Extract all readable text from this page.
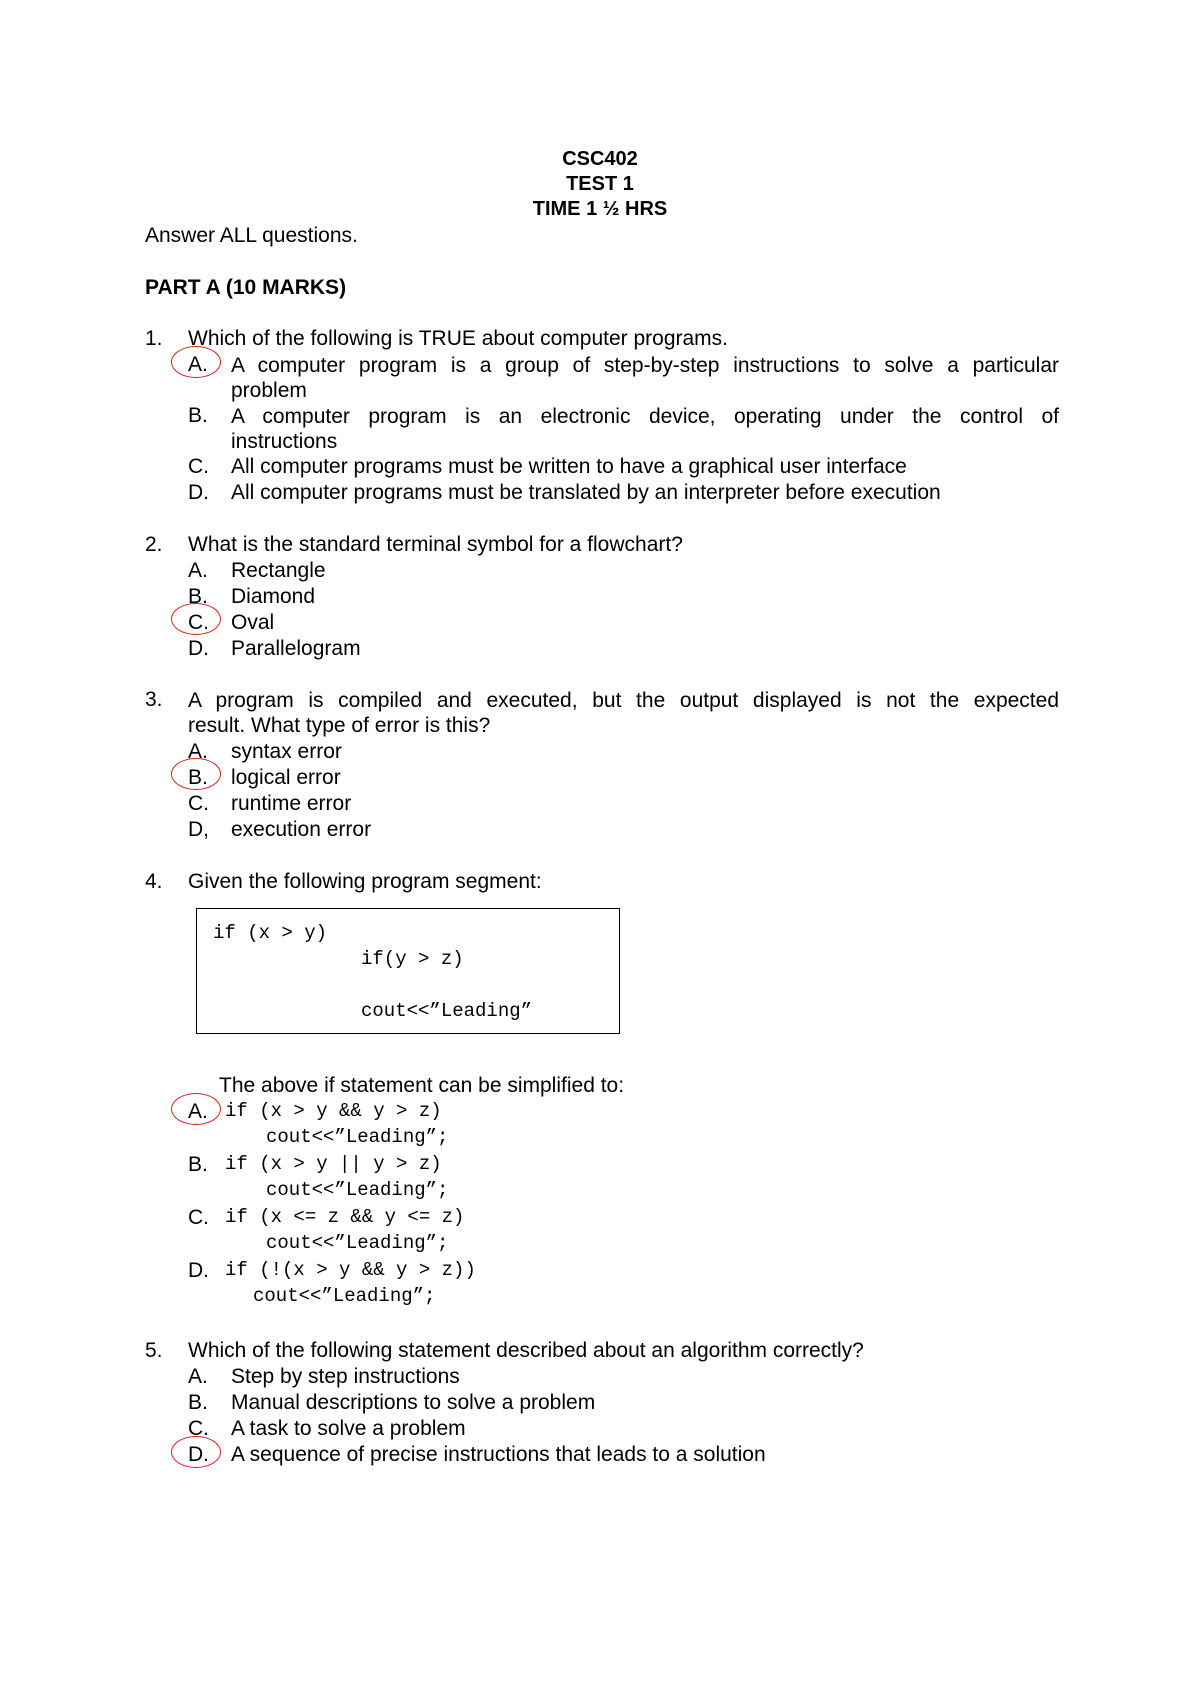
CSC402
TEST 1
TIME 1 ½ HRS
Answer ALL questions.
PART A (10 MARKS)
1. Which of the following is TRUE about computer programs.
A. A computer program is a group of step-by-step instructions to solve a particular
problem
B. A computer program is an electronic device, operating under the control of
instructions
C. All computer programs must be written to have a graphical user interface
D. All computer programs must be translated by an interpreter before execution
2. What is the standard terminal symbol for a flowchart?
A. Rectangle
B. Diamond
C. Oval
D. Parallelogram
3. A program is compiled and executed, but the output displayed is not the expected
result. What type of error is this?
A. syntax error
B. logical error
C. runtime error
D, execution error
4. Given the following program segment:
if (x > y)
if(y > z)
cout<<”Leading”
The above if statement can be simplified to:
A. if (x > y && y > z)
cout<<”Leading”;
B. if (x > y || y > z)
cout<<”Leading”;
C. if (x <= z && y <= z)
cout<<”Leading”;
D. if (!(x > y && y > z))
cout<<”Leading”;
5. Which of the following statement described about an algorithm correctly?
A. Step by step instructions
B. Manual descriptions to solve a problem
C. A task to solve a problem
D. A sequence of precise instructions that leads to a solution
